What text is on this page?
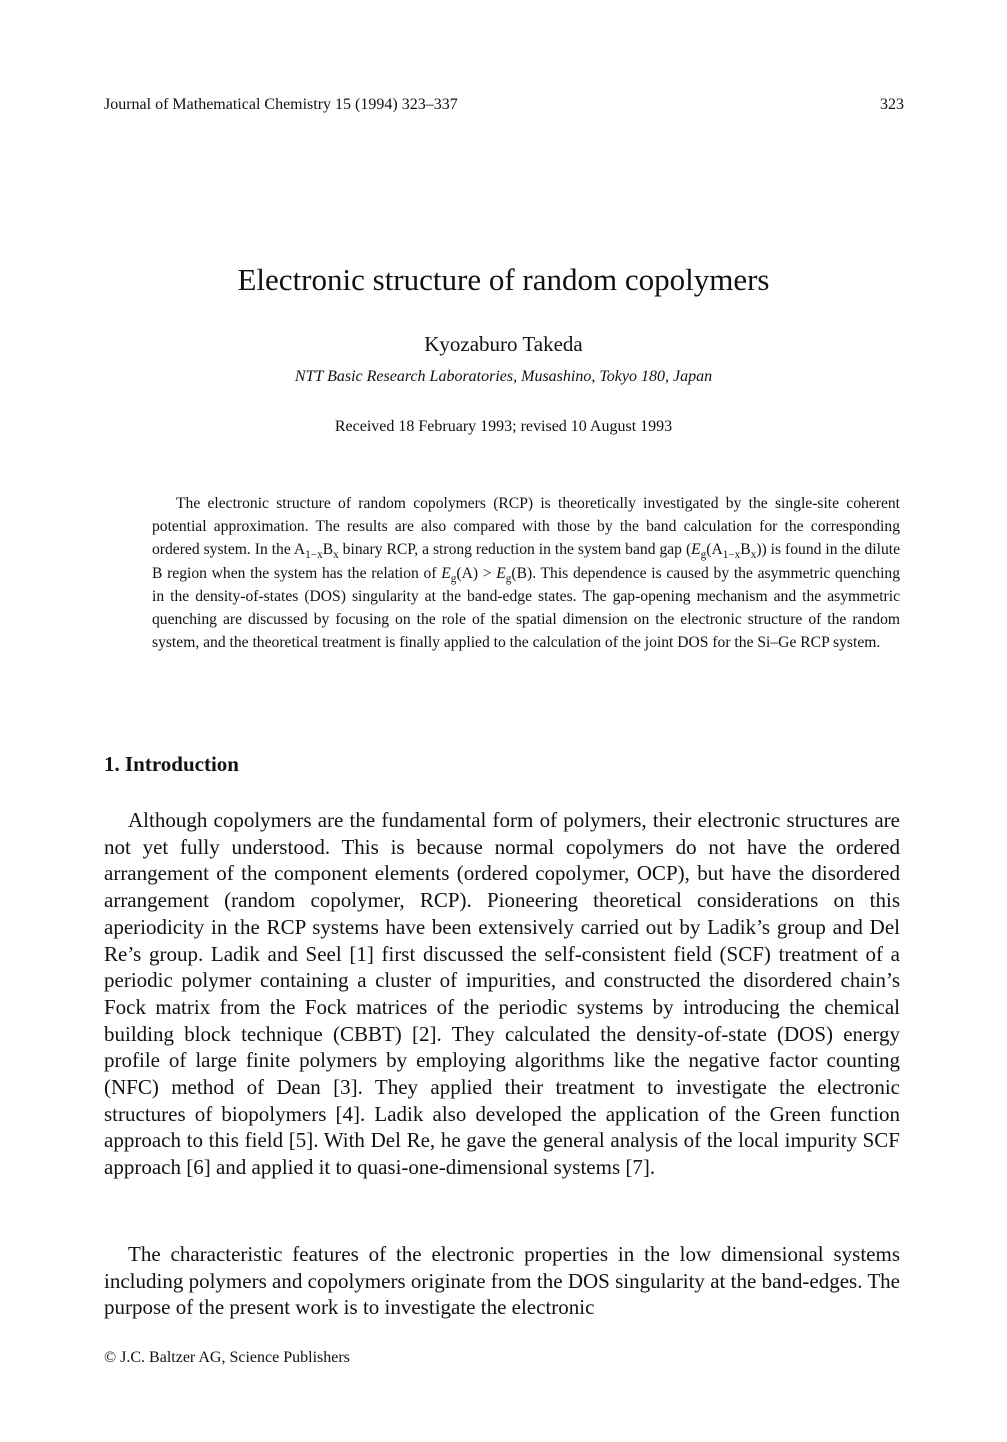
Journal of Mathematical Chemistry 15 (1994) 323–337	323
Electronic structure of random copolymers
Kyozaburo Takeda
NTT Basic Research Laboratories, Musashino, Tokyo 180, Japan
Received 18 February 1993; revised 10 August 1993

The electronic structure of random copolymers (RCP) is theoretically investigated by the single-site coherent potential approximation. The results are also compared with those by the band calculation for the corresponding ordered system. In the $A_{1-x}B_x$ binary RCP, a strong reduction in the system band gap $(E_g(A_{1-x}B_x))$ is found in the dilute B region when the system has the relation of $E_g(A) > E_g(B)$. This dependence is caused by the asymmetric quenching in the density-of-states (DOS) singularity at the band-edge states. The gap-opening mechanism and the asymmetric quenching are discussed by focusing on the role of the spatial dimension on the electronic structure of the random system, and the theoretical treatment is finally applied to the calculation of the joint DOS for the Si–Ge RCP system.

1. Introduction

Although copolymers are the fundamental form of polymers, their electronic structures are not yet fully understood. This is because normal copolymers do not have the ordered arrangement of the component elements (ordered copolymer, OCP), but have the disordered arrangement (random copolymer, RCP). Pioneering theoretical considerations on this aperiodicity in the RCP systems have been extensively carried out by Ladik’s group and Del Re’s group. Ladik and Seel [1] first discussed the self-consistent field (SCF) treatment of a periodic polymer containing a cluster of impurities, and constructed the disordered chain’s Fock matrix from the Fock matrices of the periodic systems by introducing the chemical building block technique (CBBT) [2]. They calculated the density-of-state (DOS) energy profile of large finite polymers by employing algorithms like the negative factor counting (NFC) method of Dean [3]. They applied their treatment to investigate the electronic structures of biopolymers [4]. Ladik also developed the application of the Green function approach to this field [5]. With Del Re, he gave the general analysis of the local impurity SCF approach [6] and applied it to quasi-one-dimensional systems [7].

The characteristic features of the electronic properties in the low dimensional systems including polymers and copolymers originate from the DOS singularity at the band-edges. The purpose of the present work is to investigate the electronic

© J.C. Baltzer AG, Science Publishers
